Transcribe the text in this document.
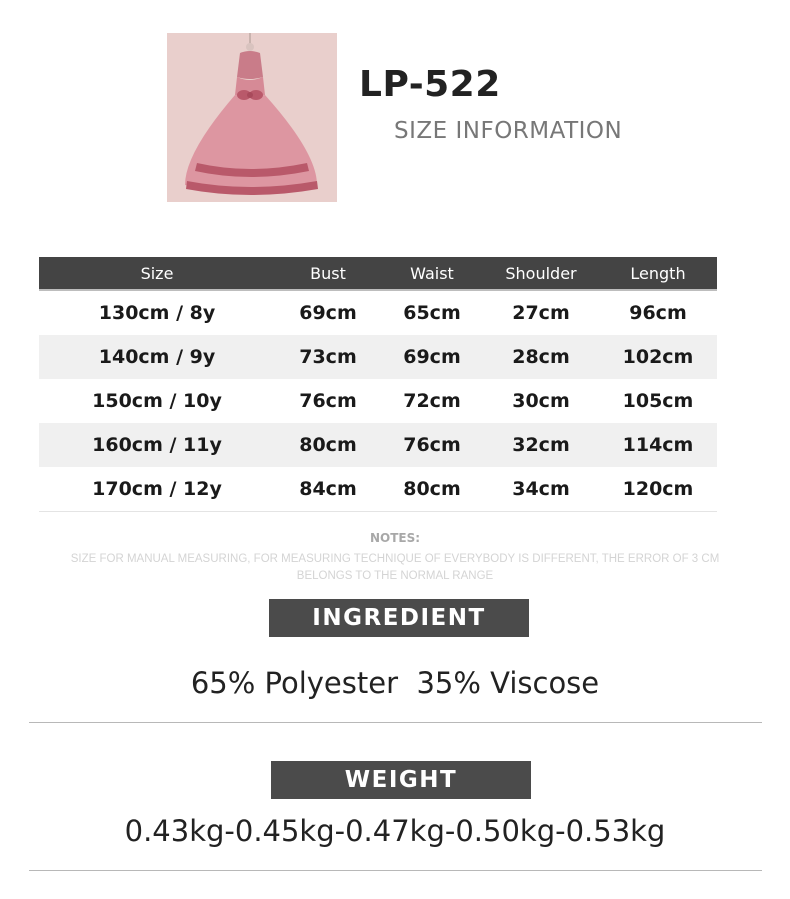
LP-522
SIZE INFORMATION
Size	Bust	Waist	Shoulder	Length
130cm / 8y	69cm	65cm	27cm	96cm
140cm / 9y	73cm	69cm	28cm	102cm
150cm / 10y	76cm	72cm	30cm	105cm
160cm / 11y	80cm	76cm	32cm	114cm
170cm / 12y	84cm	80cm	34cm	120cm
NOTES:
SIZE FOR MANUAL MEASURING, FOR MEASURING TECHNIQUE OF EVERYBODY IS DIFFERENT, THE ERROR OF 3 CM BELONGS TO THE NORMAL RANGE
INGREDIENT
65% Polyester  35% Viscose
WEIGHT
0.43kg-0.45kg-0.47kg-0.50kg-0.53kg
